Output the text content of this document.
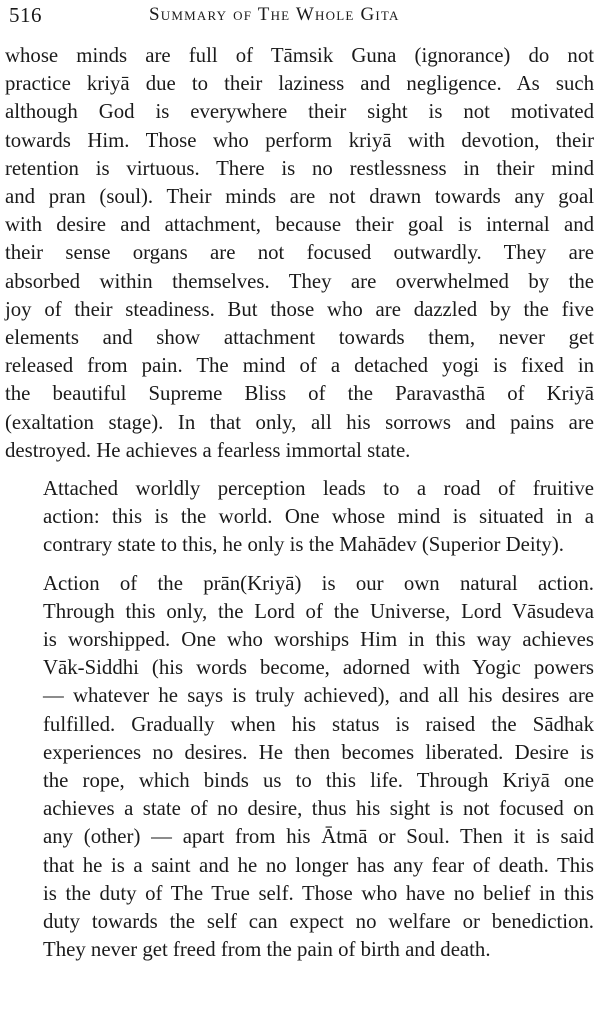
516	Summary of The Whole Gita

whose minds are full of Tāmsik Guna (ignorance) do not
practice kriyā due to their laziness and negligence. As such
although God is everywhere their sight is not motivated
towards Him. Those who perform kriyā with devotion, their
retention is virtuous. There is no restlessness in their mind
and pran (soul). Their minds are not drawn towards any goal
with desire and attachment, because their goal is internal and
their sense organs are not focused outwardly. They are
absorbed within themselves. They are overwhelmed by the
joy of their steadiness. But those who are dazzled by the five
elements and show attachment towards them, never get
released from pain. The mind of a detached yogi is fixed in
the beautiful Supreme Bliss of the Paravasthā of Kriyā
(exaltation stage). In that only, all his sorrows and pains are
destroyed. He achieves a fearless immortal state.

Attached worldly perception leads to a road of fruitive
action: this is the world. One whose mind is situated in a
contrary state to this, he only is the Mahādev (Superior Deity).

Action of the prān(Kriyā) is our own natural action.
Through this only, the Lord of the Universe, Lord Vāsudeva
is worshipped. One who worships Him in this way achieves
Vāk-Siddhi (his words become, adorned with Yogic powers
— whatever he says is truly achieved), and all his desires are
fulfilled. Gradually when his status is raised the Sādhak
experiences no desires. He then becomes liberated. Desire is
the rope, which binds us to this life. Through Kriyā one
achieves a state of no desire, thus his sight is not focused on
any (other) — apart from his Ātmā or Soul. Then it is said
that he is a saint and he no longer has any fear of death. This
is the duty of The True self. Those who have no belief in this
duty towards the self can expect no welfare or benediction.
They never get freed from the pain of birth and death.
